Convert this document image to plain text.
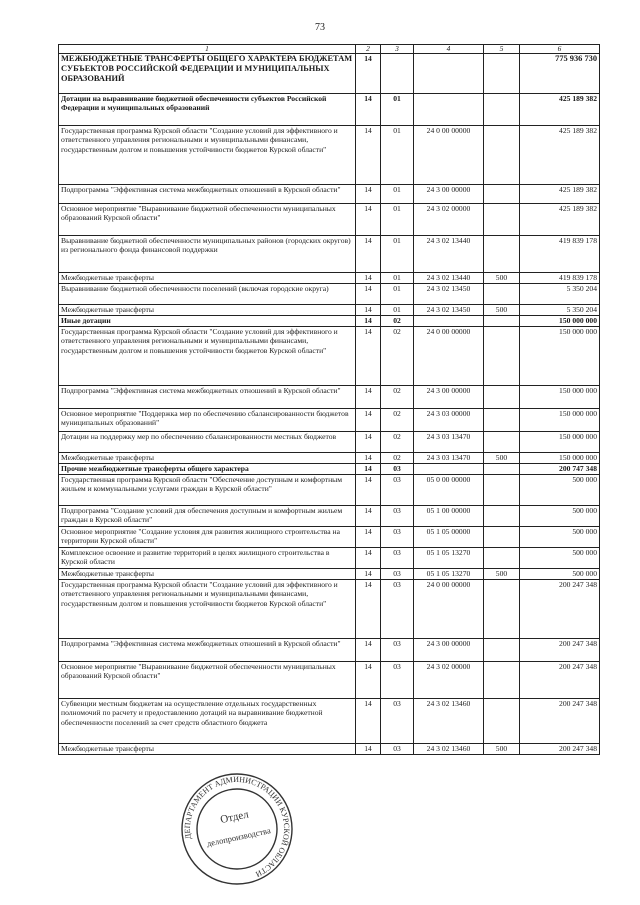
73
1	2	3	4	5	6
МЕЖБЮДЖЕТНЫЕ ТРАНСФЕРТЫ ОБЩЕГО ХАРАКТЕРА БЮДЖЕТАМ СУБЪЕКТОВ РОССИЙСКОЙ ФЕДЕРАЦИИ И МУНИЦИПАЛЬНЫХ ОБРАЗОВАНИЙ	14				775 936 730
Дотации на выравнивание бюджетной обеспеченности субъектов Российской Федерации и муниципальных образований	14	01			425 189 382
Государственная программа Курской области "Создание условий для эффективного и ответственного управления региональными и муниципальными финансами, государственным долгом и повышения устойчивости бюджетов Курской области"	14	01	24 0 00 00000		425 189 382
Подпрограмма "Эффективная система межбюджетных отношений в Курской области"	14	01	24 3 00 00000		425 189 382
Основное мероприятие "Выравнивание бюджетной обеспеченности муниципальных образований Курской области"	14	01	24 3 02 00000		425 189 382
Выравнивание бюджетной обеспеченности муниципальных районов (городских округов) из регионального фонда финансовой поддержки	14	01	24 3 02 13440		419 839 178
Межбюджетные трансферты	14	01	24 3 02 13440	500	419 839 178
Выравнивание бюджетной обеспеченности поселений (включая городские округа)	14	01	24 3 02 13450		5 350 204
Межбюджетные трансферты	14	01	24 3 02 13450	500	5 350 204
Иные дотации	14	02			150 000 000
Государственная программа Курской области "Создание условий для эффективного и ответственного управления региональными и муниципальными финансами, государственным долгом и повышения устойчивости бюджетов Курской области"	14	02	24 0 00 00000		150 000 000
Подпрограмма "Эффективная система межбюджетных отношений в Курской области"	14	02	24 3 00 00000		150 000 000
Основное мероприятие "Поддержка мер по обеспечению сбалансированности бюджетов муниципальных образований"	14	02	24 3 03 00000		150 000 000
Дотации на поддержку мер по обеспечению сбалансированности местных бюджетов	14	02	24 3 03 13470		150 000 000
Межбюджетные трансферты	14	02	24 3 03 13470	500	150 000 000
Прочие межбюджетные трансферты общего характера	14	03			200 747 348
Государственная программа Курской области "Обеспечение доступным и комфортным жильем и коммунальными услугами граждан в Курской области"	14	03	05 0 00 00000		500 000
Подпрограмма "Создание условий для обеспечения доступным и комфортным жильем граждан в Курской области"	14	03	05 1 00 00000		500 000
Основное мероприятие "Создание условия для развития жилищного строительства на территории Курской области"	14	03	05 1 05 00000		500 000
Комплексное освоение и развитие территорий в целях жилищного строительства в Курской области	14	03	05 1 05 13270		500 000
Межбюджетные трансферты	14	03	05 1 05 13270	500	500 000
Государственная программа Курской области "Создание условий для эффективного и ответственного управления региональными и муниципальными финансами, государственным долгом и повышения устойчивости бюджетов Курской области"	14	03	24 0 00 00000		200 247 348
Подпрограмма "Эффективная система межбюджетных отношений в Курской области"	14	03	24 3 00 00000		200 247 348
Основное мероприятие "Выравнивание бюджетной обеспеченности муниципальных образований Курской области"	14	03	24 3 02 00000		200 247 348
Субвенции местным бюджетам на осуществление отдельных государственных полномочий по расчету и предоставлению дотаций на выравнивание бюджетной обеспеченности поселений за счет средств областного бюджета	14	03	24 3 02 13460		200 247 348
Межбюджетные трансферты	14	03	24 3 02 13460	500	200 247 348
ДЕПАРТАМЕНТ АДМИНИСТРАЦИИ КУРСКОЙ ОБЛАСТИ
Отдел
делопроизводства
